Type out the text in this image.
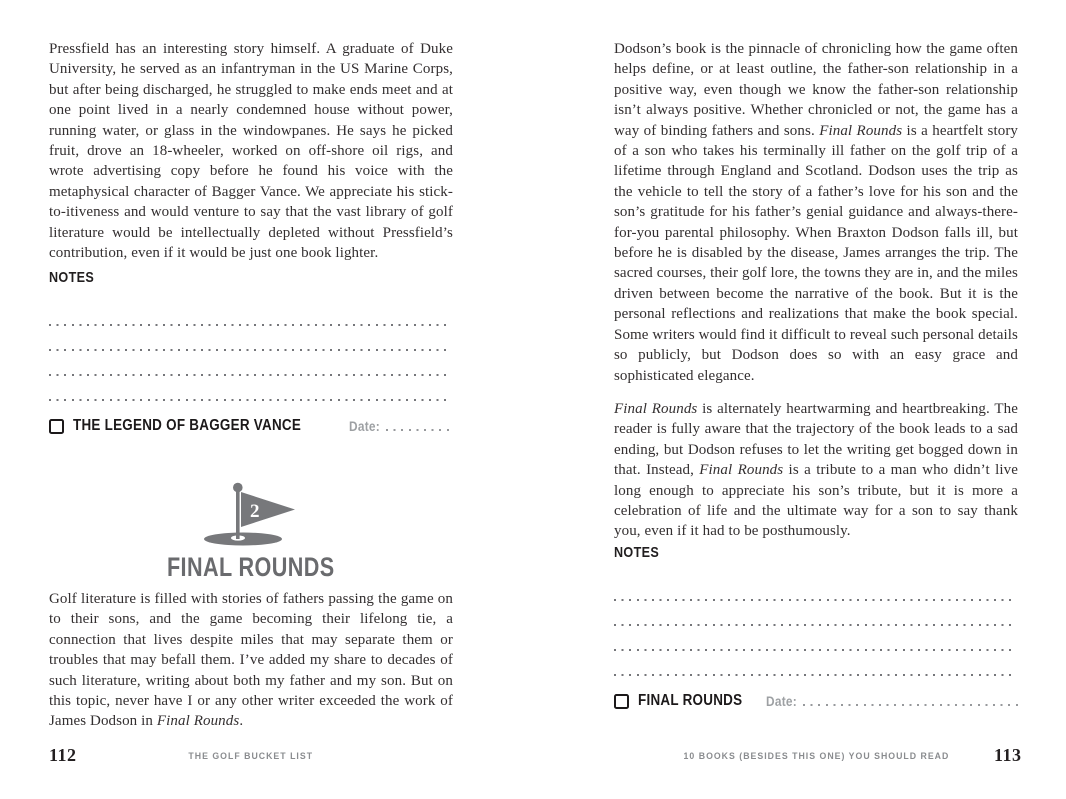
Pressfield has an interesting story himself. A graduate of Duke University, he served as an infantryman in the US Marine Corps, but after being discharged, he struggled to make ends meet and at one point lived in a nearly condemned house without power, running water, or glass in the windowpanes. He says he picked fruit, drove an 18-wheeler, worked on off-shore oil rigs, and wrote advertising copy before he found his voice with the metaphysical character of Bagger Vance. We appreciate his stick-to-itiveness and would venture to say that the vast library of golf literature would be intellectually depleted without Pressfield’s contribution, even if it would be just one book lighter.

NOTES
THE LEGEND OF BAGGER VANCE	Date:
2
FINAL ROUNDS

Golf literature is filled with stories of fathers passing the game on to their sons, and the game becoming their lifelong tie, a connection that lives despite miles that may separate them or troubles that may befall them. I’ve added my share to decades of such literature, writing about both my father and my son. But on this topic, never have I or any other writer exceeded the work of James Dodson in Final Rounds.

112	THE GOLF BUCKET LIST

Dodson’s book is the pinnacle of chronicling how the game often helps define, or at least outline, the father-son relationship in a positive way, even though we know the father-son relationship isn’t always positive. Whether chronicled or not, the game has a way of binding fathers and sons. Final Rounds is a heartfelt story of a son who takes his terminally ill father on the golf trip of a lifetime through England and Scotland. Dodson uses the trip as the vehicle to tell the story of a father’s love for his son and the son’s gratitude for his father’s genial guidance and always-there-for-you parental philosophy. When Braxton Dodson falls ill, but before he is disabled by the disease, James arranges the trip. The sacred courses, their golf lore, the towns they are in, and the miles driven between become the narrative of the book. But it is the personal reflections and realizations that make the book special. Some writers would find it difficult to reveal such personal details so publicly, but Dodson does so with an easy grace and sophisticated elegance.

Final Rounds is alternately heartwarming and heartbreaking. The reader is fully aware that the trajectory of the book leads to a sad ending, but Dodson refuses to let the writing get bogged down in that. Instead, Final Rounds is a tribute to a man who didn’t live long enough to appreciate his son’s tribute, but it is more a celebration of life and the ultimate way for a son to say thank you, even if it had to be posthumously.

NOTES
FINAL ROUNDS Date:
10 BOOKS (BESIDES THIS ONE) YOU SHOULD READ	113
